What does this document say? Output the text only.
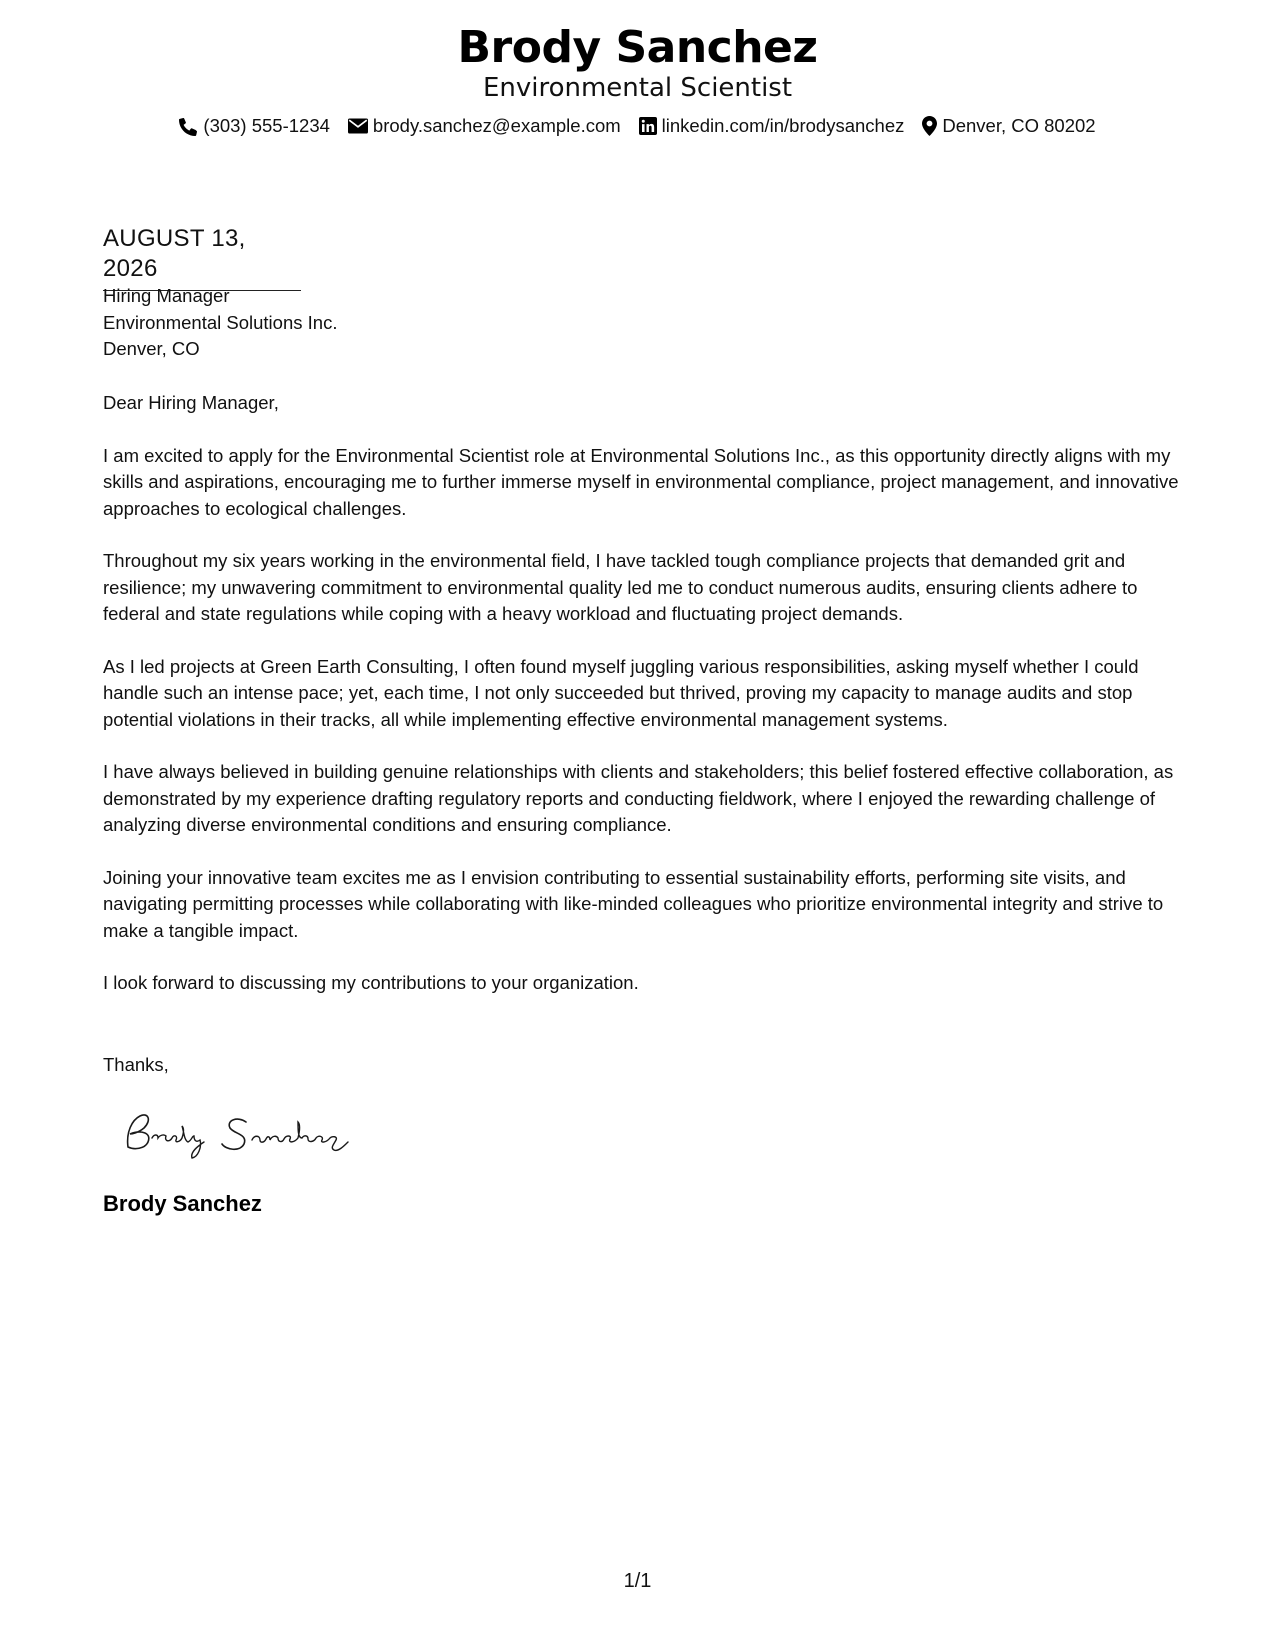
Brody Sanchez
Environmental Scientist
(303) 555-1234 brody.sanchez@example.com linkedin.com/in/brodysanchez Denver, CO 80202
AUGUST 13, 2026
Hiring Manager
Environmental Solutions Inc.
Denver, CO

Dear Hiring Manager,

I am excited to apply for the Environmental Scientist role at Environmental Solutions Inc., as this opportunity directly aligns with my skills and aspirations, encouraging me to further immerse myself in environmental compliance, project management, and innovative approaches to ecological challenges.

Throughout my six years working in the environmental field, I have tackled tough compliance projects that demanded grit and resilience; my unwavering commitment to environmental quality led me to conduct numerous audits, ensuring clients adhere to federal and state regulations while coping with a heavy workload and fluctuating project demands.

As I led projects at Green Earth Consulting, I often found myself juggling various responsibilities, asking myself whether I could handle such an intense pace; yet, each time, I not only succeeded but thrived, proving my capacity to manage audits and stop potential violations in their tracks, all while implementing effective environmental management systems.

I have always believed in building genuine relationships with clients and stakeholders; this belief fostered effective collaboration, as demonstrated by my experience drafting regulatory reports and conducting fieldwork, where I enjoyed the rewarding challenge of analyzing diverse environmental conditions and ensuring compliance.

Joining your innovative team excites me as I envision contributing to essential sustainability efforts, performing site visits, and navigating permitting processes while collaborating with like-minded colleagues who prioritize environmental integrity and strive to make a tangible impact.

I look forward to discussing my contributions to your organization.

Thanks,
Brody Sanchez
1/1
